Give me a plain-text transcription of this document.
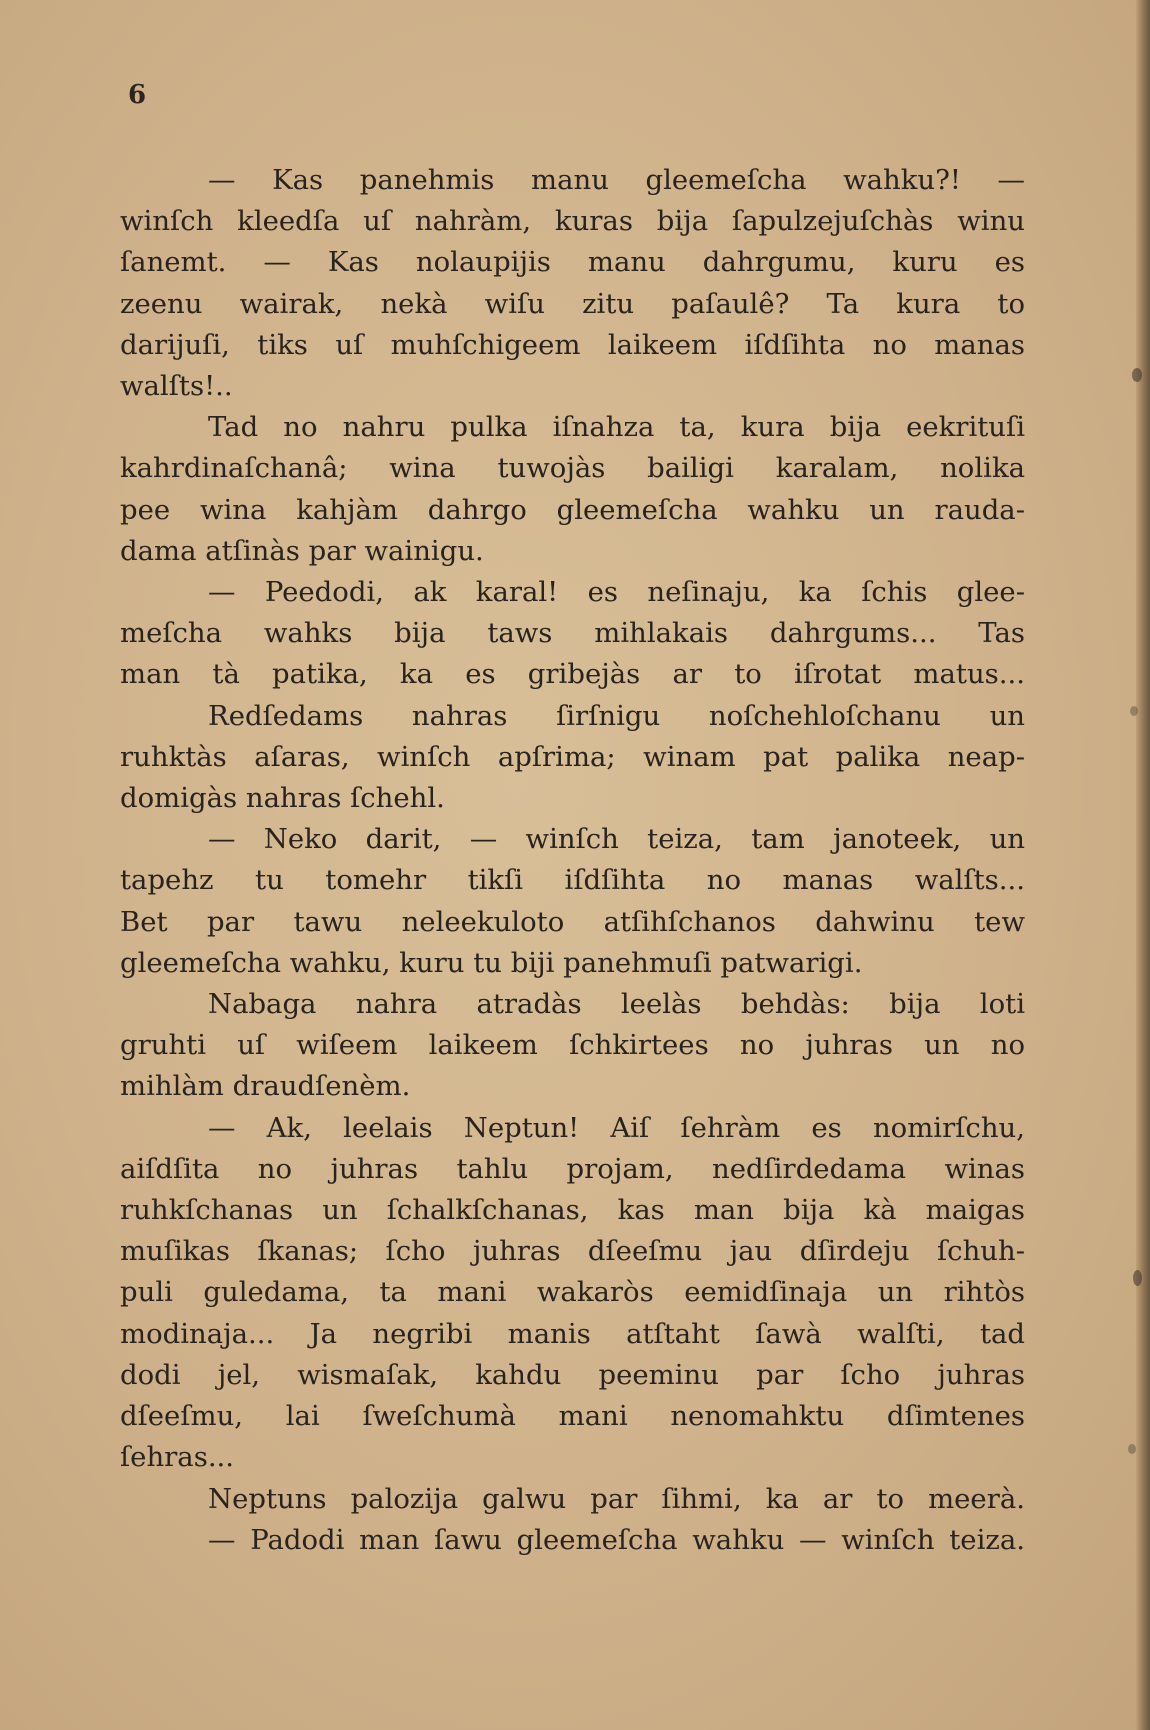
6
— Kas panehmis manu gleemeſcha wahku?! —
winſch kleedſa uſ nahràm, kuras bija ſapulzejuſchàs winu
ſanemt. — Kas nolaupijis manu dahrgumu, kuru es
zeenu wairak, nekà wiſu zitu paſaulê? Ta kura to
darijuſi, tiks uſ muhſchigeem laikeem iſdſihta no manas
walſts!..
Tad no nahru pulka iſnahza ta, kura bija eekrituſi
kahrdinaſchanâ; wina tuwojàs bailigi karalam, nolika
pee wina kahjàm dahrgo gleemeſcha wahku un rauda-
dama atſinàs par wainigu.
— Peedodi, ak karal! es neſinaju, ka ſchis glee-
meſcha wahks bija taws mihlakais dahrgums... Tas
man tà patika, ka es gribejàs ar to iſrotat matus...
Redſedams nahras ſirſnigu noſchehloſchanu un
ruhktàs aſaras, winſch apſrima; winam pat palika neap-
domigàs nahras ſchehl.
— Neko darit, — winſch teiza, tam janoteek, un
tapehz tu tomehr tikſi iſdſihta no manas walſts...
Bet par tawu neleekuloto atſihſchanos dahwinu tew
gleemeſcha wahku, kuru tu biji panehmuſi patwarigi.
Nabaga nahra atradàs leelàs behdàs: bija loti
gruhti uſ wiſeem laikeem ſchkirtees no juhras un no
mihlàm draudſenèm.
— Ak, leelais Neptun! Aiſ ſehràm es nomirſchu,
aiſdſita no juhras tahlu projam, nedſirdedama winas
ruhkſchanas un ſchalkſchanas, kas man bija kà maigas
muſikas ſkanas; ſcho juhras dſeeſmu jau dſirdeju ſchuh-
puli guledama, ta mani wakaròs eemidſinaja un rihtòs
modinaja... Ja negribi manis atſtaht ſawà walſti, tad
dodi jel, wismaſak, kahdu peeminu par ſcho juhras
dſeeſmu, lai ſweſchumà mani nenomahktu dſimtenes
ſehras...
Neptuns palozija galwu par ſihmi, ka ar to meerà.
— Padodi man ſawu gleemeſcha wahku — winſch teiza.
